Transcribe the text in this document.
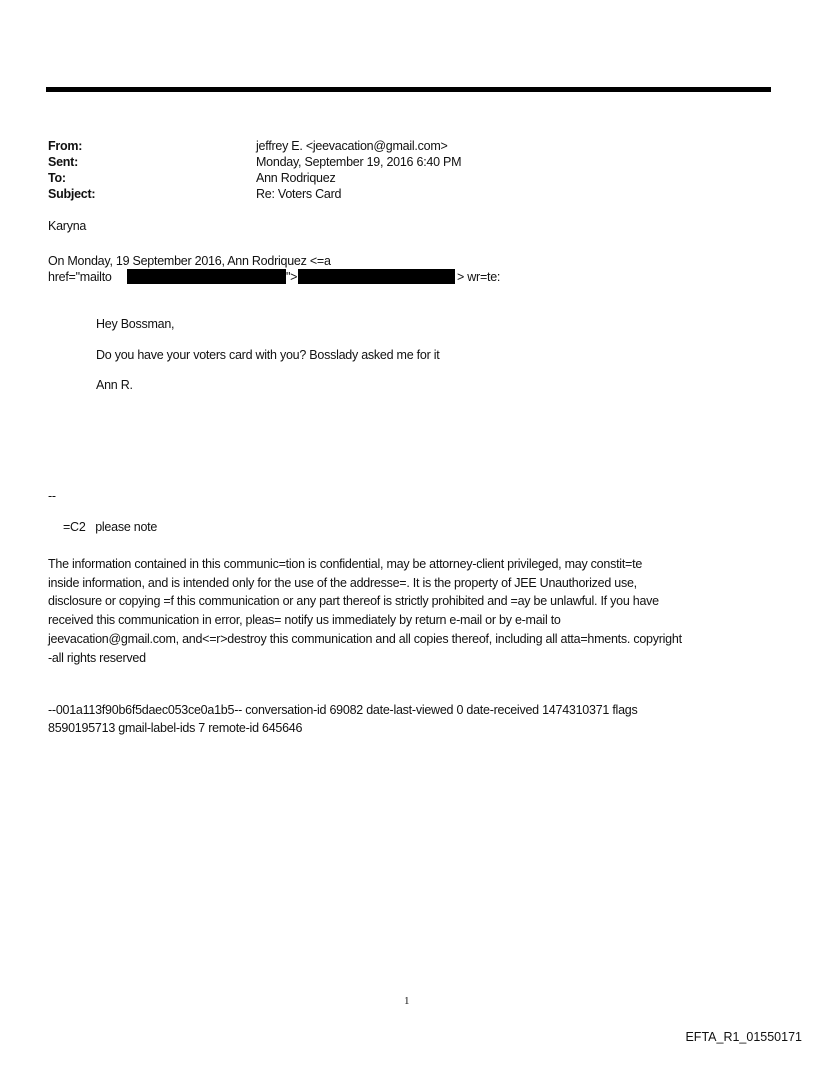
From:	jeffrey E. <jeevacation@gmail.com>
Sent:	Monday, September 19, 2016 6:40 PM
To:	Ann Rodriquez
Subject:	Re: Voters Card
Karyna
On Monday, 19 September 2016, Ann Rodriquez <=a
href="mailto	">	> wr=te:
Hey Bossman,
Do you have your voters card with you? Bosslady asked me for it
Ann R.
--
=C2   please note
The information contained in this communic=tion is confidential, may be attorney-client privileged, may constit=te
inside information, and is intended only for the use of the addresse=. It is the property of JEE Unauthorized use,
disclosure or copying =f this communication or any part thereof is strictly prohibited and =ay be unlawful. If you have
received this communication in error, pleas= notify us immediately by return e-mail or by e-mail to
jeevacation@gmail.com, and<=r>destroy this communication and all copies thereof, including all atta=hments. copyright
-all rights reserved
--001a113f90b6f5daec053ce0a1b5-- conversation-id 69082 date-last-viewed 0 date-received 1474310371 flags
8590195713 gmail-label-ids 7 remote-id 645646
1
EFTA_R1_01550171
